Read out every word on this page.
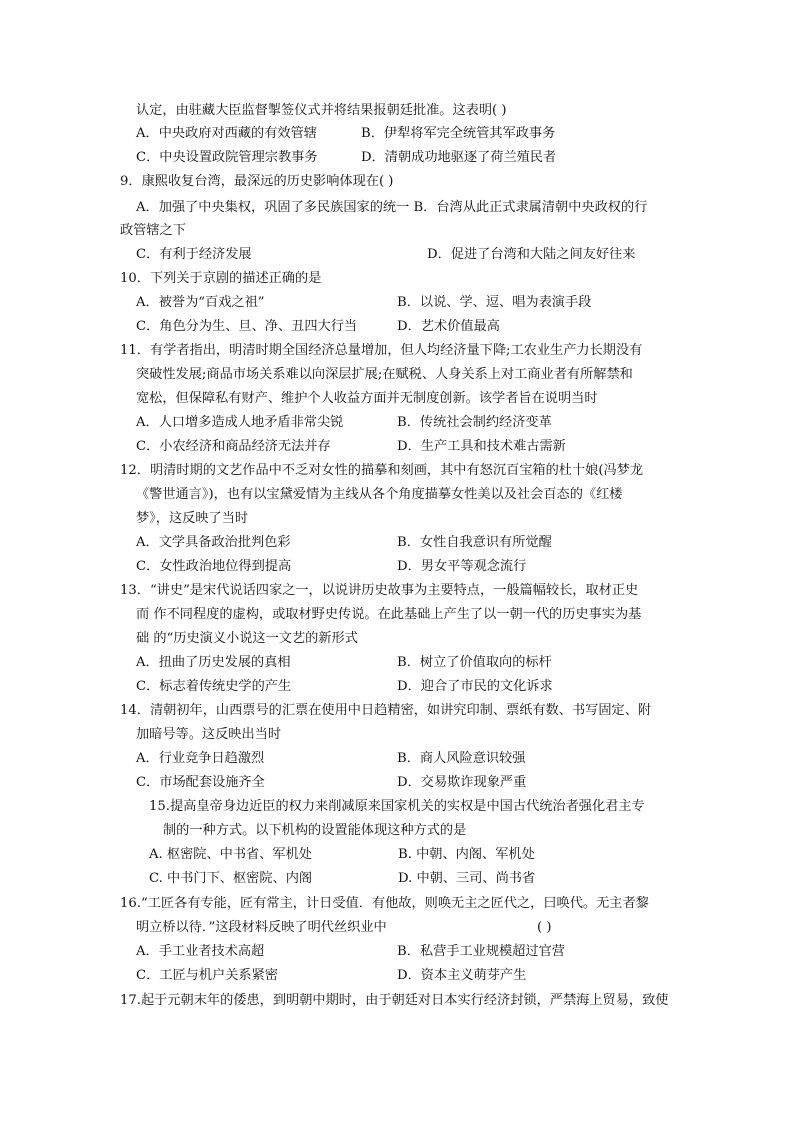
认定，由驻藏大臣监督掣签仪式并将结果报朝廷批准。这表明( )
A．中央政府对西藏的有效管辖	B．伊犁将军完全统管其军政事务
C．中央设置政院管理宗教事务	D．清朝成功地驱逐了荷兰殖民者
9．康熙收复台湾，最深远的历史影响体现在( )
A．加强了中央集权，巩固了多民族国家的统一 B．台湾从此正式隶属清朝中央政权的行
政管辖之下
C．有利于经济发展	D．促进了台湾和大陆之间友好往来
10．下列关于京剧的描述正确的是
A．被誉为“百戏之祖”	B．以说、学、逗、唱为表演手段
C．角色分为生、旦、净、丑四大行当	D．艺术价值最高
11．有学者指出，明清时期全国经济总量增加，但人均经济量下降;工农业生产力长期没有
突破性发展;商品市场关系难以向深层扩展;在赋税、人身关系上对工商业者有所解禁和
宽松，但保障私有财产、维护个人收益方面并无制度创新。该学者旨在说明当时
A．人口增多造成人地矛盾非常尖锐	B．传统社会制约经济变革
C．小农经济和商品经济无法并存	D．生产工具和技术难古需新
12．明清时期的文艺作品中不乏对女性的描摹和刻画，其中有怒沉百宝箱的杜十娘(冯梦龙
《警世通言》)，也有以宝黛爱情为主线从各个角度描摹女性美以及社会百态的《红楼
梦》，这反映了当时
A．文学具备政治批判色彩	B．女性自我意识有所觉醒
C．女性政治地位得到提高	D．男女平等观念流行
13．“讲史”是宋代说话四家之一，以说讲历史故事为主要特点，一般篇幅较长，取材正史
而 作不同程度的虚构，或取材野史传说。在此基础上产生了以一朝一代的历史事实为基
础 的“历史演义小说这一文艺的新形式
A．扭曲了历史发展的真相	B．树立了价值取向的标杆
C．标志着传统史学的产生	D．迎合了市民的文化诉求
14．清朝初年，山西票号的汇票在使用中日趋精密，如讲究印制、票纸有数、书写固定、附
加暗号等。这反映出当时
A．行业竞争日趋激烈	B．商人风险意识较强
C．市场配套设施齐全	D．交易欺诈现象严重
15.提高皇帝身边近臣的权力来削减原来国家机关的实权是中国古代统治者强化君主专
制的一种方式。以下机构的设置能体现这种方式的是
A. 枢密院、中书省、军机处	B. 中朝、内阁、军机处
C. 中书门下、枢密院、内阁	D. 中朝、三司、尚书省
16.“工匠各有专能，匠有常主，计日受值．有他故，则唤无主之匠代之，曰唤代。无主者黎
明立桥以待．”这段材料反映了明代丝织业中	( )
A．手工业者技术高超	B．私营手工业规模超过官营
C．工匠与机户关系紧密	D．资本主义萌芽产生
17.起于元朝末年的倭患，到明朝中期时，由于朝廷对日本实行经济封锁，严禁海上贸易，致使
